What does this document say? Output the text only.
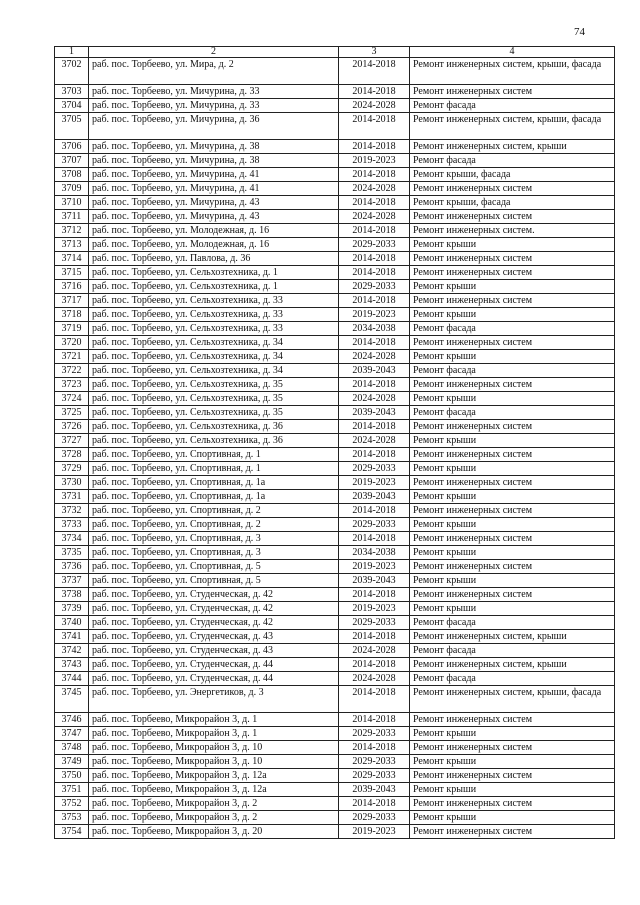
74
1	2	3	4
3702	раб. пос. Торбеево, ул. Мира, д. 2	2014-2018	Ремонт инженерных систем, крыши, фасада
3703	раб. пос. Торбеево, ул. Мичурина, д. 33	2014-2018	Ремонт инженерных систем
3704	раб. пос. Торбеево, ул. Мичурина, д. 33	2024-2028	Ремонт фасада
3705	раб. пос. Торбеево, ул. Мичурина, д. 36	2014-2018	Ремонт инженерных систем, крыши, фасада
3706	раб. пос. Торбеево, ул. Мичурина, д. 38	2014-2018	Ремонт инженерных систем, крыши
3707	раб. пос. Торбеево, ул. Мичурина, д. 38	2019-2023	Ремонт фасада
3708	раб. пос. Торбеево, ул. Мичурина, д. 41	2014-2018	Ремонт крыши, фасада
3709	раб. пос. Торбеево, ул. Мичурина, д. 41	2024-2028	Ремонт инженерных систем
3710	раб. пос. Торбеево, ул. Мичурина, д. 43	2014-2018	Ремонт крыши, фасада
3711	раб. пос. Торбеево, ул. Мичурина, д. 43	2024-2028	Ремонт инженерных систем
3712	раб. пос. Торбеево, ул. Молодежная, д. 16	2014-2018	Ремонт инженерных систем.
3713	раб. пос. Торбеево, ул. Молодежная, д. 16	2029-2033	Ремонт крыши
3714	раб. пос. Торбеево, ул. Павлова, д. 36	2014-2018	Ремонт инженерных систем
3715	раб. пос. Торбеево, ул. Сельхозтехника, д. 1	2014-2018	Ремонт инженерных систем
3716	раб. пос. Торбеево, ул. Сельхозтехника, д. 1	2029-2033	Ремонт крыши
3717	раб. пос. Торбеево, ул. Сельхозтехника, д. 33	2014-2018	Ремонт инженерных систем
3718	раб. пос. Торбеево, ул. Сельхозтехника, д. 33	2019-2023	Ремонт крыши
3719	раб. пос. Торбеево, ул. Сельхозтехника, д. 33	2034-2038	Ремонт фасада
3720	раб. пос. Торбеево, ул. Сельхозтехника, д. 34	2014-2018	Ремонт инженерных систем
3721	раб. пос. Торбеево, ул. Сельхозтехника, д. 34	2024-2028	Ремонт крыши
3722	раб. пос. Торбеево, ул. Сельхозтехника, д. 34	2039-2043	Ремонт фасада
3723	раб. пос. Торбеево, ул. Сельхозтехника, д. 35	2014-2018	Ремонт инженерных систем
3724	раб. пос. Торбеево, ул. Сельхозтехника, д. 35	2024-2028	Ремонт крыши
3725	раб. пос. Торбеево, ул. Сельхозтехника, д. 35	2039-2043	Ремонт фасада
3726	раб. пос. Торбеево, ул. Сельхозтехника, д. 36	2014-2018	Ремонт инженерных систем
3727	раб. пос. Торбеево, ул. Сельхозтехника, д. 36	2024-2028	Ремонт крыши
3728	раб. пос. Торбеево, ул. Спортивная, д. 1	2014-2018	Ремонт инженерных систем
3729	раб. пос. Торбеево, ул. Спортивная, д. 1	2029-2033	Ремонт крыши
3730	раб. пос. Торбеево, ул. Спортивная, д. 1а	2019-2023	Ремонт инженерных систем
3731	раб. пос. Торбеево, ул. Спортивная, д. 1а	2039-2043	Ремонт крыши
3732	раб. пос. Торбеево, ул. Спортивная, д. 2	2014-2018	Ремонт инженерных систем
3733	раб. пос. Торбеево, ул. Спортивная, д. 2	2029-2033	Ремонт крыши
3734	раб. пос. Торбеево, ул. Спортивная, д. 3	2014-2018	Ремонт инженерных систем
3735	раб. пос. Торбеево, ул. Спортивная, д. 3	2034-2038	Ремонт крыши
3736	раб. пос. Торбеево, ул. Спортивная, д. 5	2019-2023	Ремонт инженерных систем
3737	раб. пос. Торбеево, ул. Спортивная, д. 5	2039-2043	Ремонт крыши
3738	раб. пос. Торбеево, ул. Студенческая, д. 42	2014-2018	Ремонт инженерных систем
3739	раб. пос. Торбеево, ул. Студенческая, д. 42	2019-2023	Ремонт крыши
3740	раб. пос. Торбеево, ул. Студенческая, д. 42	2029-2033	Ремонт фасада
3741	раб. пос. Торбеево, ул. Студенческая, д. 43	2014-2018	Ремонт инженерных систем, крыши
3742	раб. пос. Торбеево, ул. Студенческая, д. 43	2024-2028	Ремонт фасада
3743	раб. пос. Торбеево, ул. Студенческая, д. 44	2014-2018	Ремонт инженерных систем, крыши
3744	раб. пос. Торбеево, ул. Студенческая, д. 44	2024-2028	Ремонт фасада
3745	раб. пос. Торбеево, ул. Энергетиков, д. 3	2014-2018	Ремонт инженерных систем, крыши, фасада
3746	раб. пос. Торбеево, Микрорайон 3, д. 1	2014-2018	Ремонт инженерных систем
3747	раб. пос. Торбеево, Микрорайон 3, д. 1	2029-2033	Ремонт крыши
3748	раб. пос. Торбеево, Микрорайон 3, д. 10	2014-2018	Ремонт инженерных систем
3749	раб. пос. Торбеево, Микрорайон 3, д. 10	2029-2033	Ремонт крыши
3750	раб. пос. Торбеево, Микрорайон 3, д. 12а	2029-2033	Ремонт инженерных систем
3751	раб. пос. Торбеево, Микрорайон 3, д. 12а	2039-2043	Ремонт крыши
3752	раб. пос. Торбеево, Микрорайон 3, д. 2	2014-2018	Ремонт инженерных систем
3753	раб. пос. Торбеево, Микрорайон 3, д. 2	2029-2033	Ремонт крыши
3754	раб. пос. Торбеево, Микрорайон 3, д. 20	2019-2023	Ремонт инженерных систем
